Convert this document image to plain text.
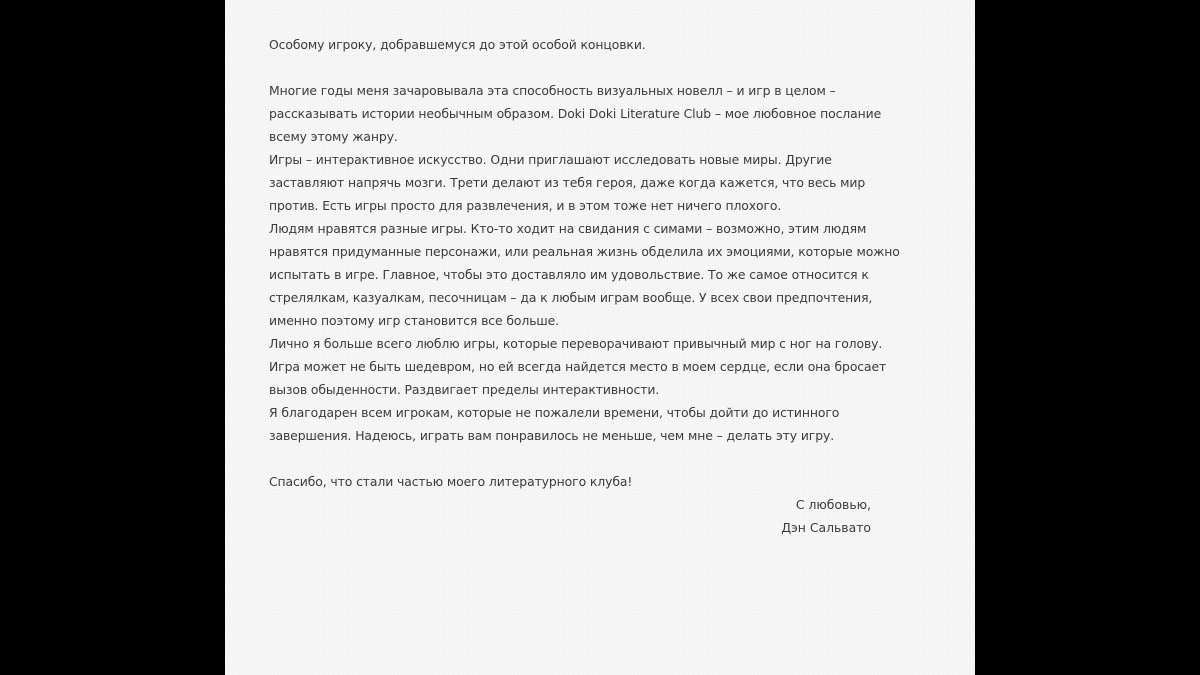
Особому игроку, добравшемуся до этой особой концовки.

Многие годы меня зачаровывала эта способность визуальных новелл – и игр в целом – рассказывать истории необычным образом. Doki Doki Literature Club – мое любовное послание всему этому жанру.

Игры – интерактивное искусство. Одни приглашают исследовать новые миры. Другие заставляют напрячь мозги. Трети делают из тебя героя, даже когда кажется, что весь мир против. Есть игры просто для развлечения, и в этом тоже нет ничего плохого.

Людям нравятся разные игры. Кто-то ходит на свидания с симами – возможно, этим людям нравятся придуманные персонажи, или реальная жизнь обделила их эмоциями, которые можно испытать в игре. Главное, чтобы это доставляло им удовольствие. То же самое относится к стрелялкам, казуалкам, песочницам – да к любым играм вообще. У всех свои предпочтения, именно поэтому игр становится все больше.

Лично я больше всего люблю игры, которые переворачивают привычный мир с ног на голову. Игра может не быть шедевром, но ей всегда найдется место в моем сердце, если она бросает вызов обыденности. Раздвигает пределы интерактивности.

Я благодарен всем игрокам, которые не пожалели времени, чтобы дойти до истинного завершения. Надеюсь, играть вам понравилось не меньше, чем мне – делать эту игру.

Спасибо, что стали частью моего литературного клуба!

С любовью,
Дэн Сальвато
